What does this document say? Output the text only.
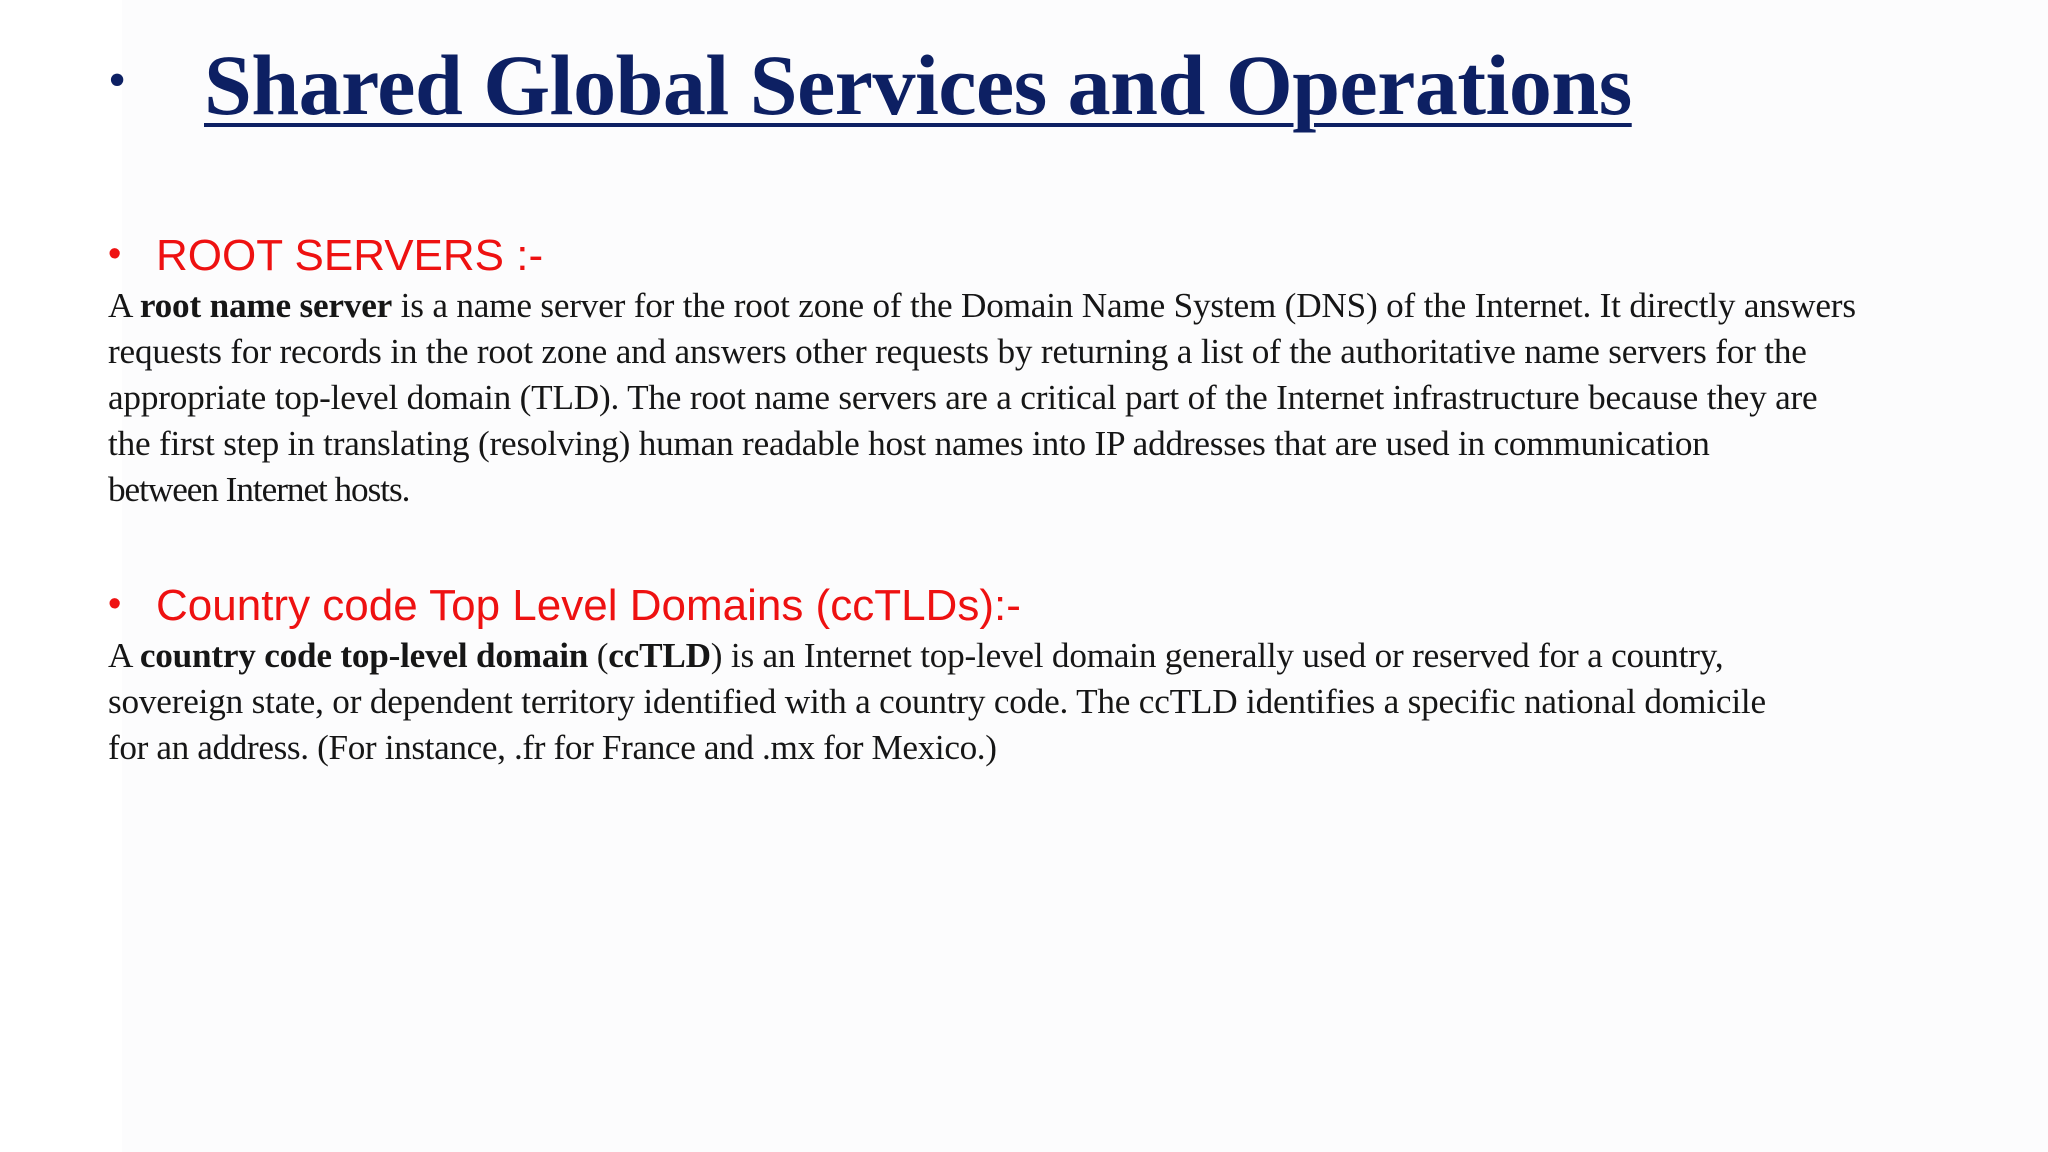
• Shared Global Services and Operations
• ROOT SERVERS :-
A root name server is a name server for the root zone of the Domain Name System (DNS) of the Internet. It directly answers
requests for records in the root zone and answers other requests by returning a list of the authoritative name servers for the
appropriate top-level domain (TLD). The root name servers are a critical part of the Internet infrastructure because they are
the first step in translating (resolving) human readable host names into IP addresses that are used in communication
between Internet hosts.
• Country code Top Level Domains (ccTLDs):-
A country code top-level domain (ccTLD) is an Internet top-level domain generally used or reserved for a country,
sovereign state, or dependent territory identified with a country code. The ccTLD identifies a specific national domicile
for an address. (For instance, .fr for France and .mx for Mexico.)
